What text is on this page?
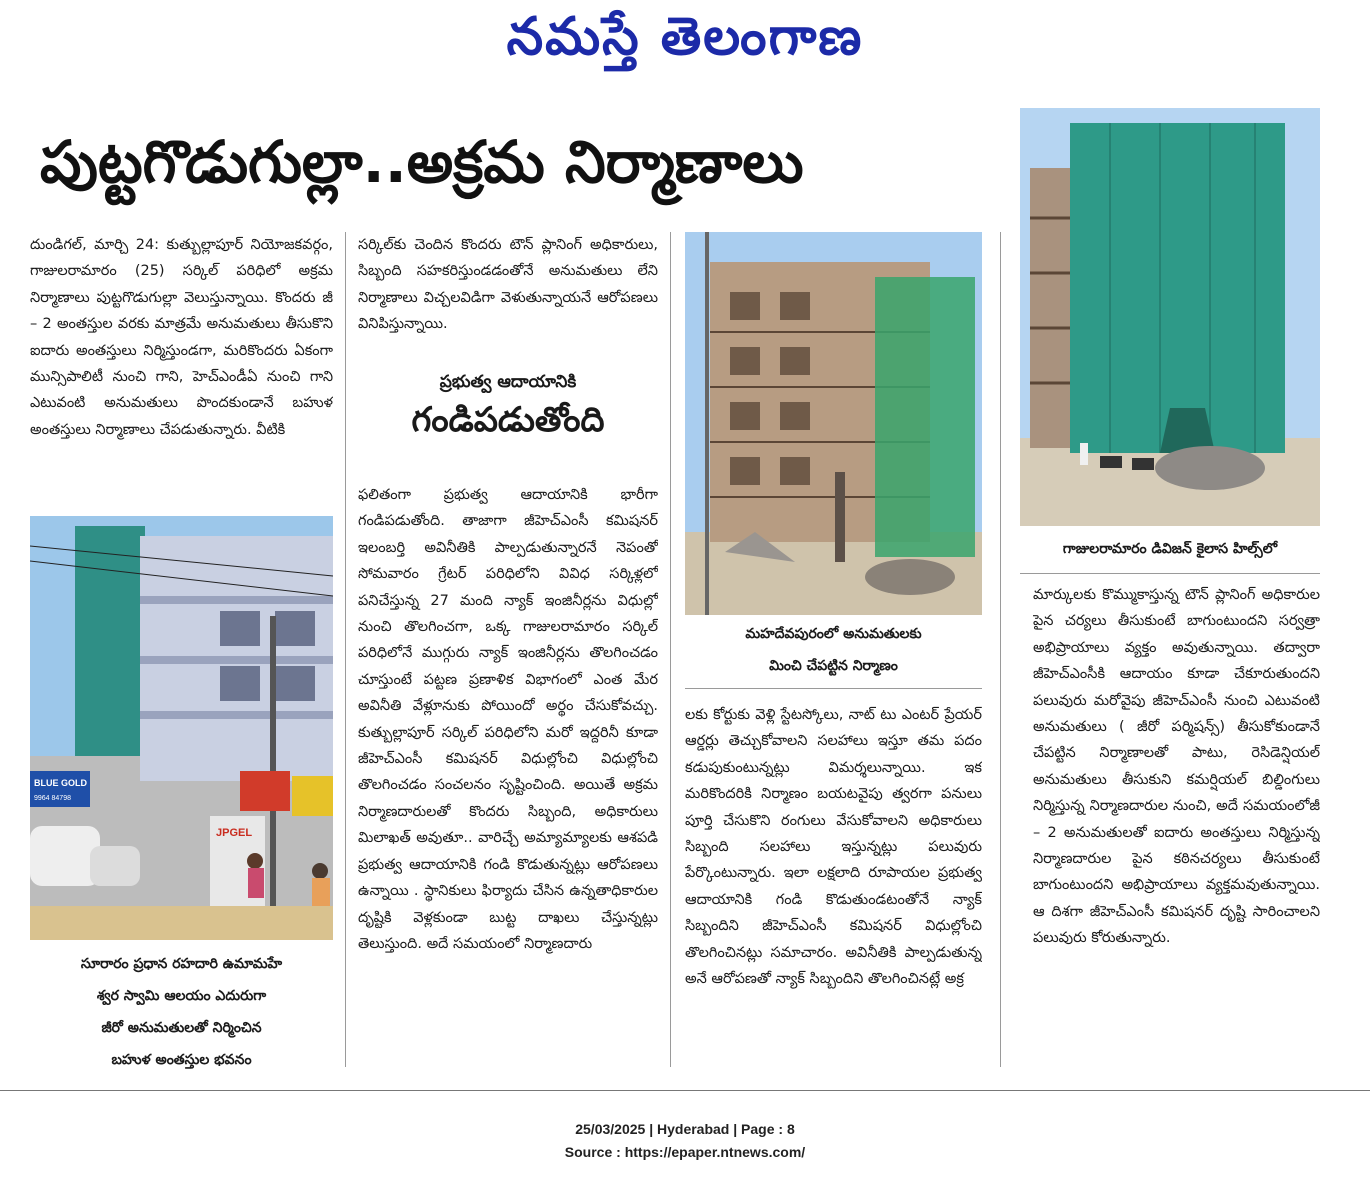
నమస్తే తెలంగాణ
పుట్టగొడుగుల్లా..అక్రమ నిర్మాణాలు

దుండిగల్, మార్చి 24: కుత్బుల్లాపూర్ నియోజకవర్గం, గాజులరామారం (25) సర్కిల్ పరిధిలో అక్రమ నిర్మాణాలు పుట్టగొడుగుల్లా వెలుస్తున్నాయి. కొందరు జీ – 2 అంతస్తుల వరకు మాత్రమే అనుమతులు తీసుకొని ఐదారు అంతస్తులు నిర్మిస్తుండగా, మరికొందరు ఏకంగా మున్సిపాలిటీ నుంచి గాని, హెచ్ఎండీఏ నుంచి గాని ఎటువంటి అనుమతులు పొందకుండానే బహుళ అంతస్తులు నిర్మాణాలు చేపడుతున్నారు. వీటికి

BLUE GOLD
9964 84798
JPGEL
సూరారం ప్రధాన రహదారి ఉమామహే
శ్వర స్వామి ఆలయం ఎదురుగా
జీరో అనుమతులతో నిర్మించిన
బహుళ అంతస్తుల భవనం

సర్కిల్‌కు చెందిన కొందరు టౌన్ ప్లానింగ్ అధికారులు, సిబ్బంది సహకరిస్తుండడంతోనే అనుమతులు లేని నిర్మాణాలు విచ్చలవిడిగా వెళుతున్నాయనే ఆరోపణలు వినిపిస్తున్నాయి.

ప్రభుత్వ ఆదాయానికి
గండిపడుతోంది

ఫలితంగా ప్రభుత్వ ఆదాయానికి భారీగా గండిపడుతోంది. తాజాగా జీహెచ్ఎంసీ కమిషనర్ ఇలంబర్తి అవినీతికి పాల్పడుతున్నారనే నెపంతో సోమవారం గ్రేటర్ పరిధిలోని వివిధ సర్కిళ్లలో పనిచేస్తున్న 27 మంది న్యాక్ ఇంజినీర్లను విధుల్లో నుంచి తొలగించగా, ఒక్క గాజులరామారం సర్కిల్ పరిధిలోనే ముగ్గురు న్యాక్ ఇంజినీర్లను తొలగించడం చూస్తుంటే పట్టణ ప్రణాళిక విభాగంలో ఎంత మేర అవినీతి వేళ్లూనుకు పోయిందో అర్థం చేసుకోవచ్చు. కుత్బుల్లాపూర్ సర్కిల్ పరిధిలోని మరో ఇద్దరినీ కూడా జీహెచ్ఎంసీ కమిషనర్ విధుల్లోంచి విధుల్లోంచి తొలగించడం సంచలనం సృష్టించింది. అయితే అక్రమ నిర్మాణదారులతో కొందరు సిబ్బంది, అధికారులు మిలాఖత్ అవుతూ.. వారిచ్చే అమ్యామ్యాలకు ఆశపడి ప్రభుత్వ ఆదాయానికి గండి కొడుతున్నట్లు ఆరోపణలు ఉన్నాయి . స్థానికులు ఫిర్యాదు చేసిన ఉన్నతాధికారుల దృష్టికి వెళ్లకుండా బుట్ట దాఖలు చేస్తున్నట్లు తెలుస్తుంది. అదే సమయంలో నిర్మాణదారు

మహదేవపురంలో అనుమతులకు
మించి చేపట్టిన నిర్మాణం

లకు కోర్టుకు వెళ్లి స్టేటస్కోలు, నాట్ టు ఎంటర్ ప్రేయర్ ఆర్డర్లు తెచ్చుకోవాలని సలహాలు ఇస్తూ తమ పదం కడుపుకుంటున్నట్లు విమర్శలున్నాయి. ఇక మరికొందరికి నిర్మాణం బయటవైపు త్వరగా పనులు పూర్తి చేసుకొని రంగులు వేసుకోవాలని అధికారులు సిబ్బంది సలహాలు ఇస్తున్నట్లు పలువురు పేర్కొంటున్నారు. ఇలా లక్షలాది రూపాయల ప్రభుత్వ ఆదాయానికి గండి కొడుతుండటంతోనే న్యాక్ సిబ్బందిని జీహెచ్ఎంసీ కమిషనర్ విధుల్లోంచి తొలగించినట్లు సమాచారం. అవినీతికి పాల్పడుతున్న అనే ఆరోపణతో న్యాక్ సిబ్బందిని తొలగించినట్లే అక్ర

గాజులరామారం డివిజన్ కైలాస హిల్స్‌లో

మార్కులకు కొమ్ముకాస్తున్న టౌన్ ప్లానింగ్ అధికారుల పైన చర్యలు తీసుకుంటే బాగుంటుందని సర్వత్రా అభిప్రాయాలు వ్యక్తం అవుతున్నాయి. తద్వారా జీహెచ్ఎంసీకి ఆదాయం కూడా చేకూరుతుందని పలువురు మరోవైపు జీహెచ్ఎంసీ నుంచి ఎటువంటి అనుమతులు ( జీరో పర్మిషన్స్) తీసుకోకుండానే చేపట్టిన నిర్మాణాలతో పాటు, రెసిడెన్షియల్ అనుమతులు తీసుకుని కమర్షియల్ బిల్డింగులు నిర్మిస్తున్న నిర్మాణదారుల నుంచి, అదే సమయంలోజీ – 2 అనుమతులతో ఐదారు అంతస్తులు నిర్మిస్తున్న నిర్మాణదారుల పైన కఠినచర్యలు తీసుకుంటే బాగుంటుందని అభిప్రాయాలు వ్యక్తమవుతున్నాయి. ఆ దిశగా జీహెచ్ఎంసీ కమిషనర్ దృష్టి సారించాలని పలువురు కోరుతున్నారు.

25/03/2025 | Hyderabad | Page : 8
Source : https://epaper.ntnews.com/
